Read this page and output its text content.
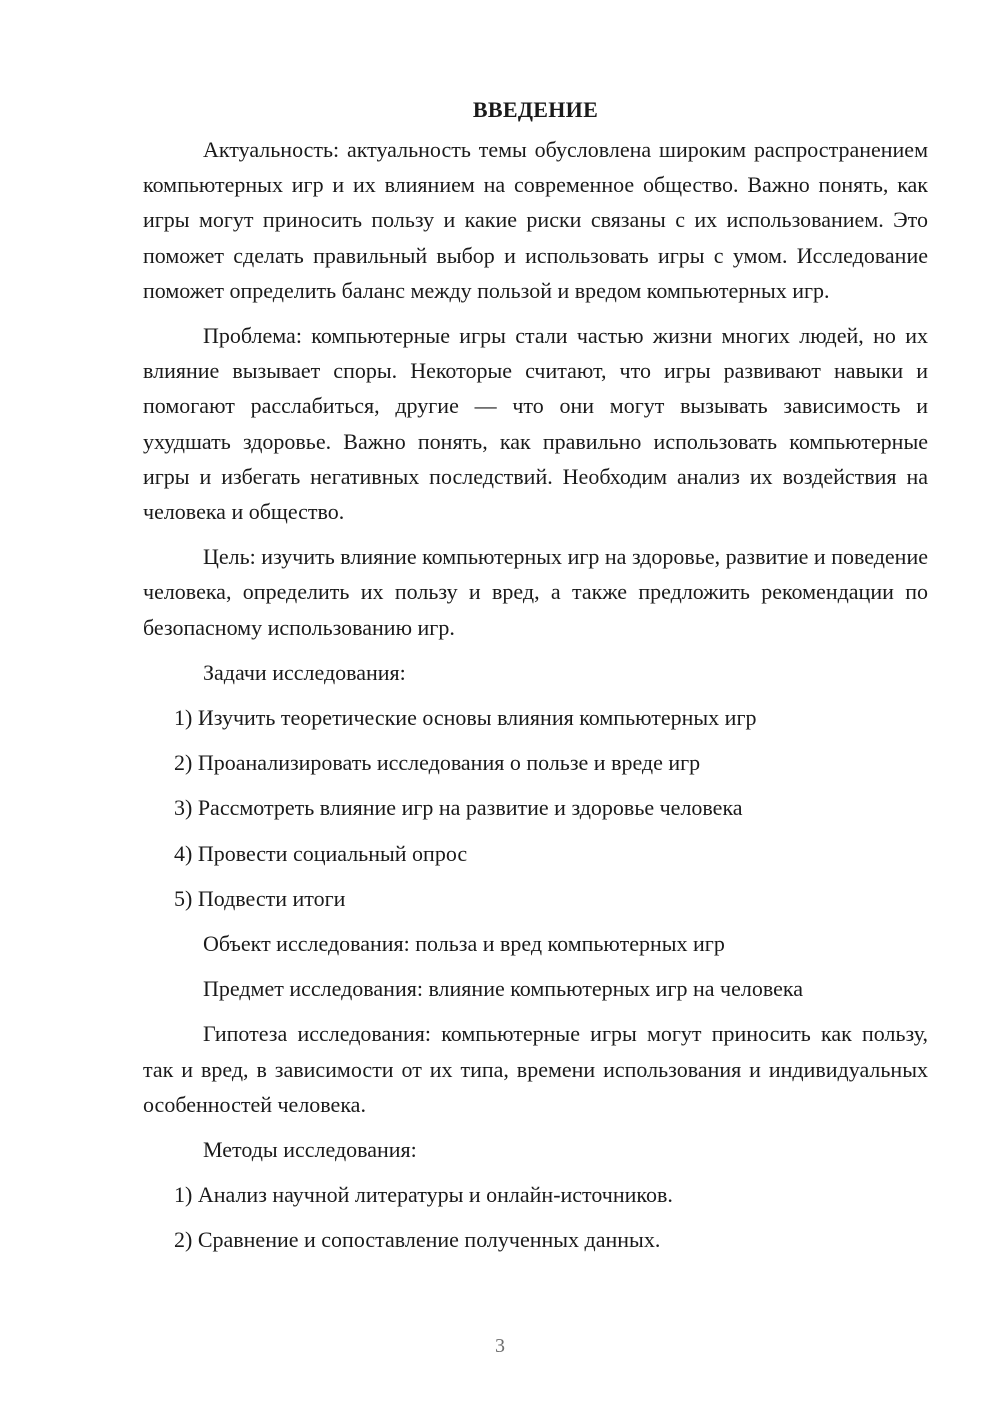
ВВЕДЕНИЕ

Актуальность: актуальность темы обусловлена широким распространением компьютерных игр и их влиянием на современное общество. Важно понять, как игры могут приносить пользу и какие риски связаны с их использованием. Это поможет сделать правильный выбор и использовать игры с умом. Исследование поможет определить баланс между пользой и вредом компьютерных игр.

Проблема: компьютерные игры стали частью жизни многих людей, но их влияние вызывает споры. Некоторые считают, что игры развивают навыки и помогают расслабиться, другие — что они могут вызывать зависимость и ухудшать здоровье. Важно понять, как правильно использовать компьютерные игры и избегать негативных последствий. Необходим анализ их воздействия на человека и общество.

Цель: изучить влияние компьютерных игр на здоровье, развитие и поведение человека, определить их пользу и вред, а также предложить рекомендации по безопасному использованию игр.

Задачи исследования:
1) Изучить теоретические основы влияния компьютерных игр
2) Проанализировать исследования о пользе и вреде игр
3) Рассмотреть влияние игр на развитие и здоровье человека
4) Провести социальный опрос
5) Подвести итоги
Объект исследования: польза и вред компьютерных игр
Предмет исследования: влияние компьютерных игр на человека

Гипотеза исследования: компьютерные игры могут приносить как пользу, так и вред, в зависимости от их типа, времени использования и индивидуальных особенностей человека.

Методы исследования:
1) Анализ научной литературы и онлайн-источников.
2) Сравнение и сопоставление полученных данных.
3
